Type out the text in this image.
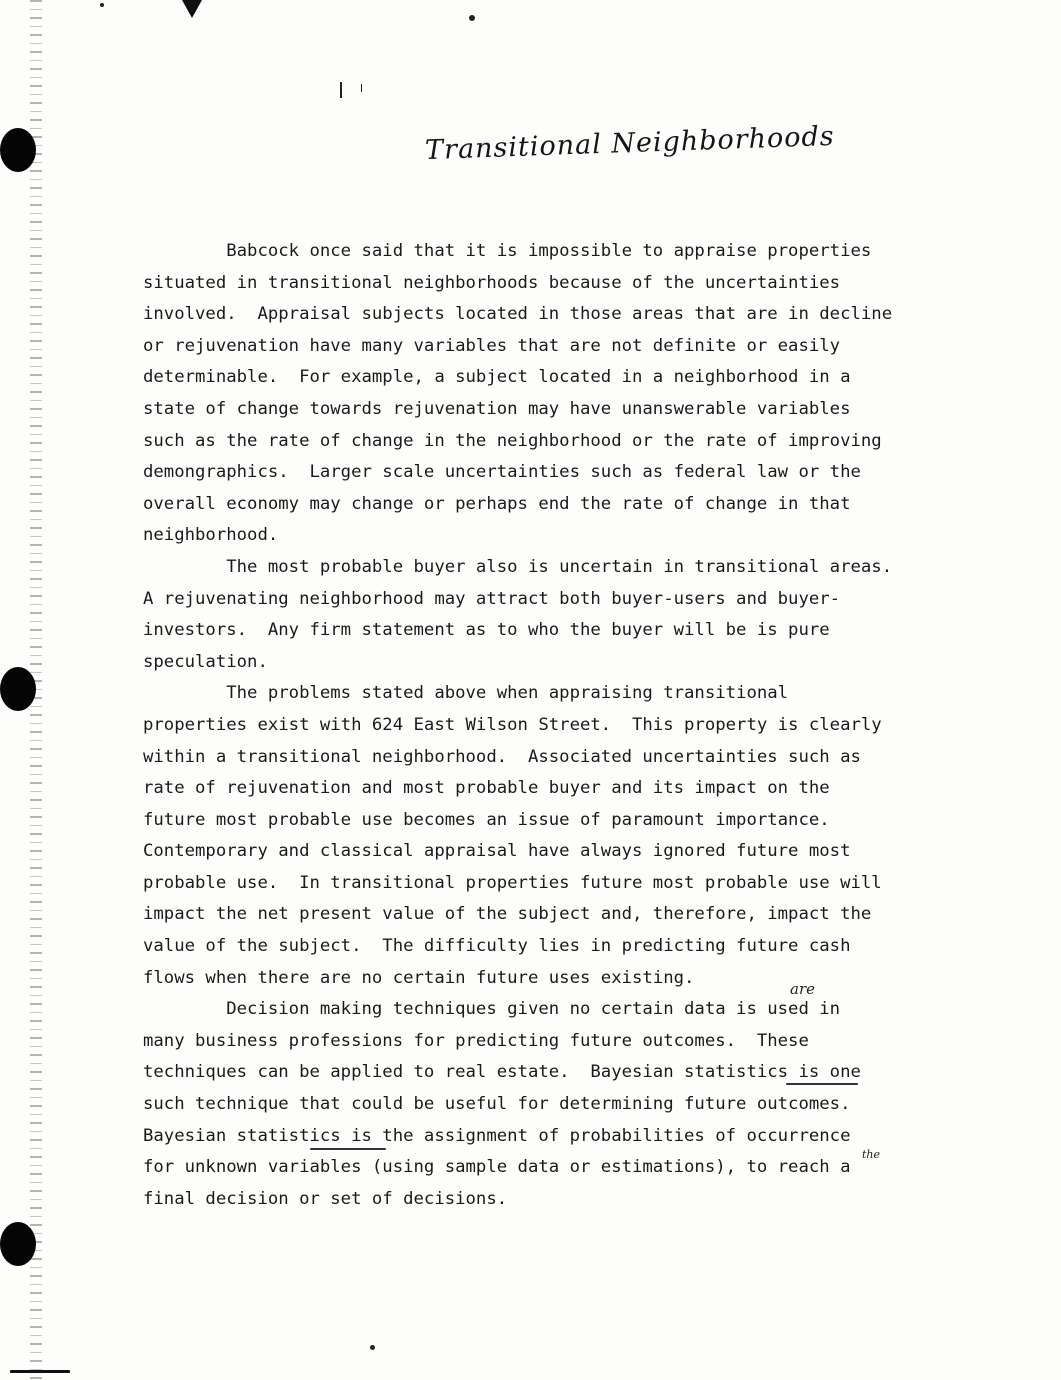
Transitional Neighborhoods
Babcock once said that it is impossible to appraise properties
situated in transitional neighborhoods because of the uncertainties
involved.  Appraisal subjects located in those areas that are in decline
or rejuvenation have many variables that are not definite or easily
determinable.  For example, a subject located in a neighborhood in a
state of change towards rejuvenation may have unanswerable variables
such as the rate of change in the neighborhood or the rate of improving
demongraphics.  Larger scale uncertainties such as federal law or the
overall economy may change or perhaps end the rate of change in that
neighborhood.
The most probable buyer also is uncertain in transitional areas.
A rejuvenating neighborhood may attract both buyer-users and buyer-
investors.  Any firm statement as to who the buyer will be is pure
speculation.
The problems stated above when appraising transitional
properties exist with 624 East Wilson Street.  This property is clearly
within a transitional neighborhood.  Associated uncertainties such as
rate of rejuvenation and most probable buyer and its impact on the
future most probable use becomes an issue of paramount importance.
Contemporary and classical appraisal have always ignored future most
probable use.  In transitional properties future most probable use will
impact the net present value of the subject and, therefore, impact the
value of the subject.  The difficulty lies in predicting future cash
flows when there are no certain future uses existing.
Decision making techniques given no certain data is used in
many business professions for predicting future outcomes.  These
techniques can be applied to real estate.  Bayesian statistics is one
such technique that could be useful for determining future outcomes.
Bayesian statistics is the assignment of probabilities of occurrence
for unknown variables (using sample data or estimations), to reach a
final decision or set of decisions.
are
the
